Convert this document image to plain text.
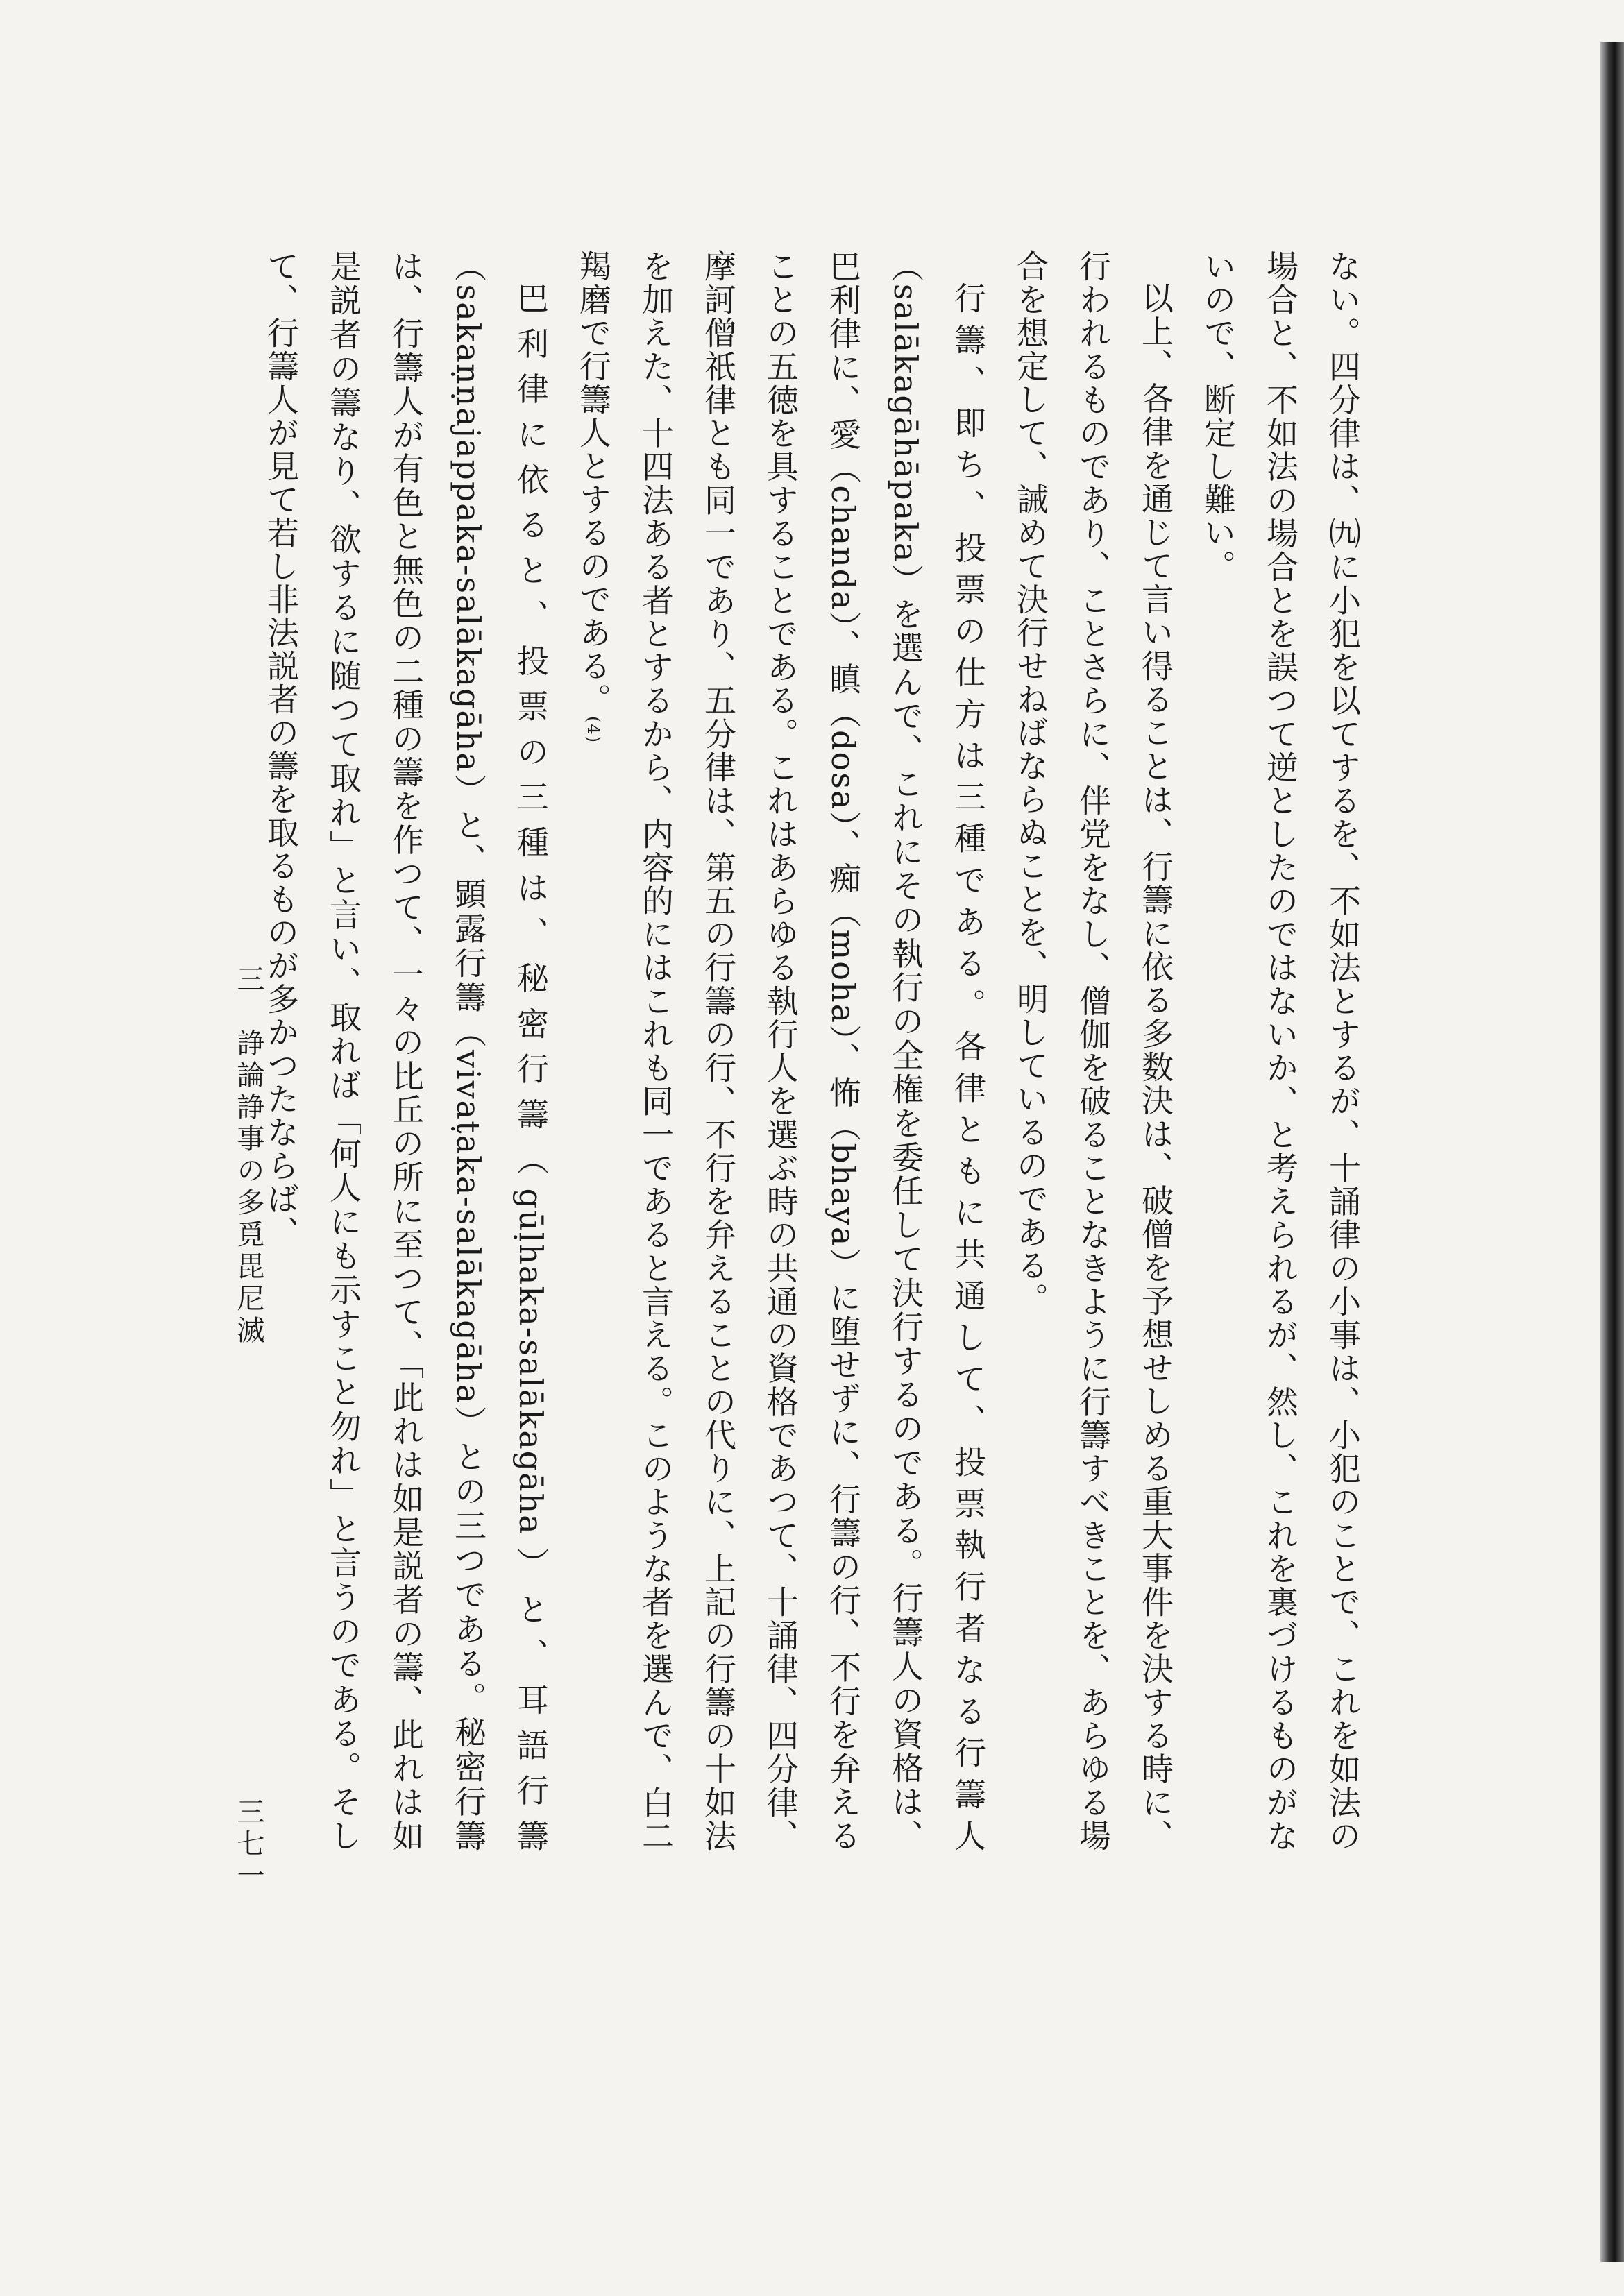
ない。四分律は、㈨に小犯を以てするを、不如法とするが、十誦律の小事は、小犯のことで、これを如法の場合と、不如法の場合とを誤つて逆としたのではないか、と考えられるが、然し、これを裏づけるものがないので、断定し難い。

以上、各律を通じて言い得ることは、行籌に依る多数決は、破僧を予想せしめる重大事件を決する時に、行われるものであり、ことさらに、伴党をなし、僧伽を破ることなきように行籌すべきことを、あらゆる場合を想定して、誡めて決行せねばならぬことを、明しているのである。

行籌、即ち、投票の仕方は三種である。各律ともに共通して、投票執行者なる行籌人（salākagāhāpaka）を選んで、これにその執行の全権を委任して決行するのである。行籌人の資格は、巴利律に、愛（chanda）、瞋（dosa）、痴（moha）、怖（bhaya）に堕せずに、行籌の行、不行を弁えることの五徳を具することである。これはあらゆる執行人を選ぶ時の共通の資格であつて、十誦律、四分律、摩訶僧祇律とも同一であり、五分律は、第五の行籌の行、不行を弁えることの代りに、上記の行籌の十如法を加えた、十四法ある者とするから、内容的にはこれも同一であると言える。このような者を選んで、白二羯磨で行籌人とするのである。(4)

巴利律に依ると、投票の三種は、秘密行籌（gūḷhaka-salākagāha）と、耳語行籌（sakaṇṇajappaka-salākagāha）と、顕露行籌（vivaṭaka-salākagāha）との三つである。秘密行籌は、行籌人が有色と無色の二種の籌を作つて、一々の比丘の所に至つて、「此れは如是説者の籌、此れは如是説者の籌なり、欲するに随つて取れ」と言い、取れば「何人にも示すこと勿れ」と言うのである。そして、行籌人が見て若し非法説者の籌を取るものが多かつたならば、

三　諍論諍事の多覓毘尼滅
三七一
